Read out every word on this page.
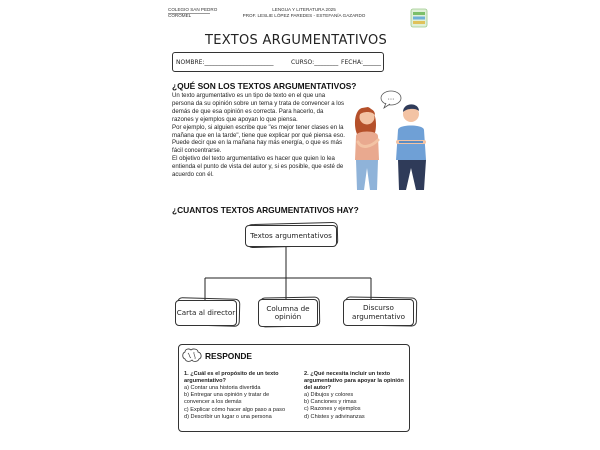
COLEGIO SAN PEDRO
COROMEL
LENGUA Y LITERATURA 2025
PROF. LESLIE LÓPEZ PAREDES - ESTEFANÍA GAZARDO
TEXTOS ARGUMENTATIVOS
NOMBRE:_______________________	CURSO:________ FECHA:______
¿QUÉ SON LOS TEXTOS ARGUMENTATIVOS?
Un texto argumentativo es un tipo de texto en el que una persona da su opinión sobre un tema y trata de convencer a los demás de que esa opinión es correcta. Para hacerlo, da razones y ejemplos que apoyan lo que piensa.
Por ejemplo, si alguien escribe que "es mejor tener clases en la mañana que en la tarde", tiene que explicar por qué piensa eso. Puede decir que en la mañana hay más energía, o que es más fácil concentrarse.
El objetivo del texto argumentativo es hacer que quien lo lea entienda el punto de vista del autor y, si es posible, que esté de acuerdo con él.
...
¿CUANTOS TEXTOS ARGUMENTATIVOS HAY?
Textos argumentativos
Carta al director	Columna de opinión
Discurso argumentativo
RESPONDE
1. ¿Cuál es el propósito de un texto argumentativo?
a) Contar una historia divertida
b) Entregar una opinión y tratar de convencer a los demás
c) Explicar cómo hacer algo paso a paso
d) Describir un lugar o una persona
2. ¿Qué necesita incluir un texto argumentativo para apoyar la opinión del autor?
a) Dibujos y colores
b) Canciones y rimas
c) Razones y ejemplos
d) Chistes y adivinanzas
